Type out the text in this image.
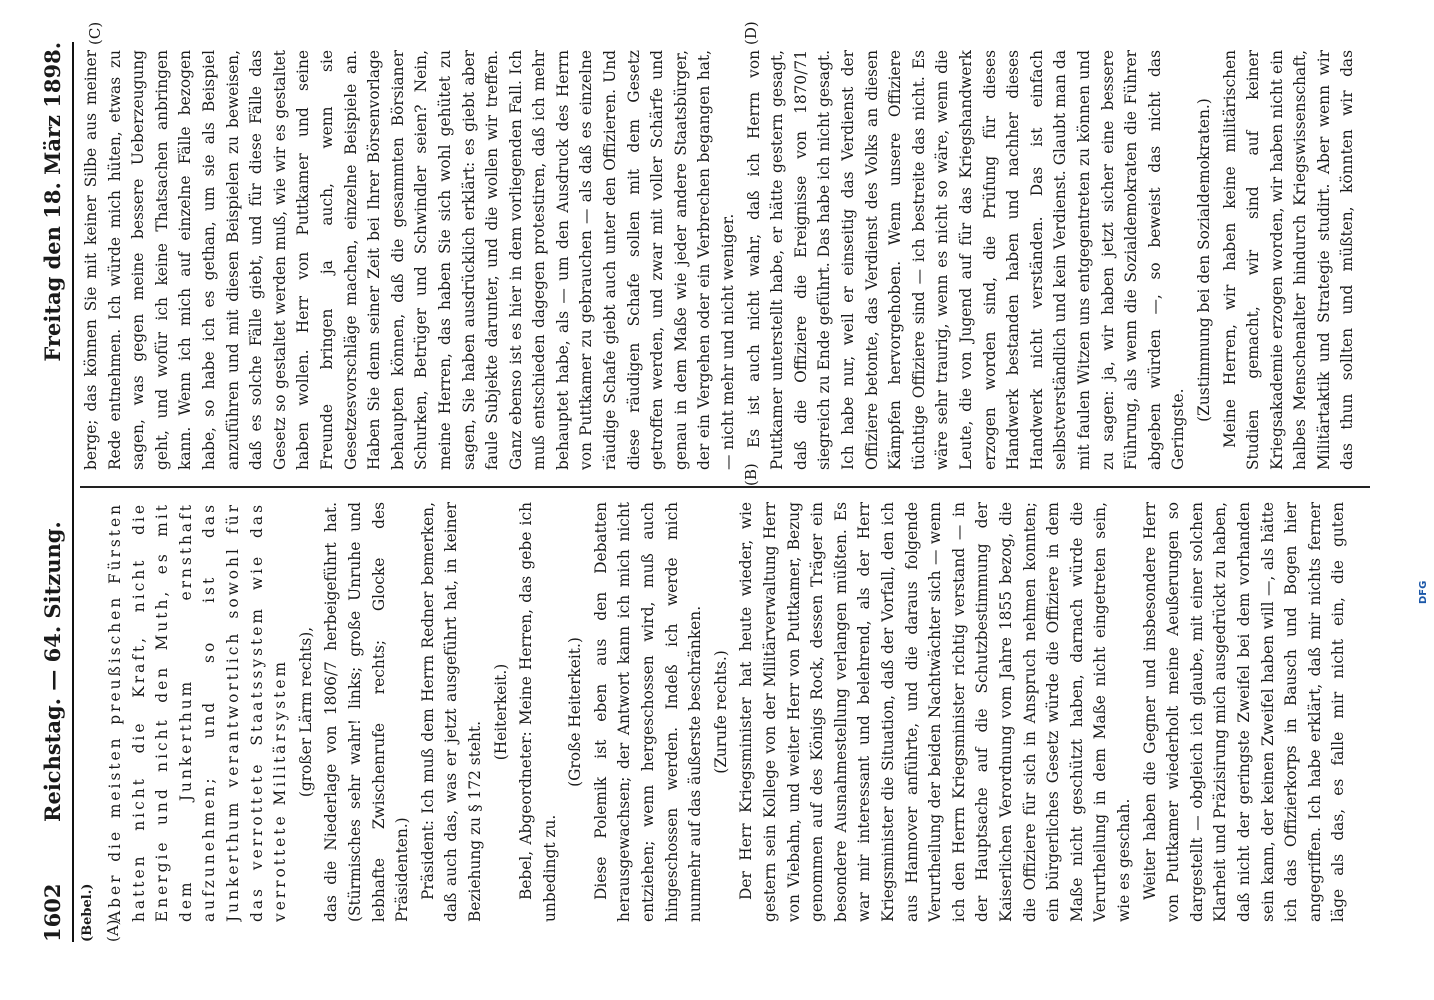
1602
Reichstag. — 64. Sitzung.
Freitag den 18. März 1898.
(Bebel.) (A)
(B)
(C)	(D)

Aber die meisten preußischen Fürsten hatten nicht die Kraft, nicht die Energie und nicht den Muth, es mit dem Junkerthum ernsthaft aufzunehmen; und so ist das Junkerthum verantwortlich sowohl für das verrottete Staatssystem wie das verrottete Militärsystem (großer Lärm rechts), das die Niederlage von 1806/7 herbeigeführt hat. (Stürmisches sehr wahr! links; große Unruhe und lebhafte Zwischenrufe rechts; Glocke des Präsidenten.) Präsident: Ich muß dem Herrn Redner bemerken, daß auch das, was er jetzt ausgeführt hat, in keiner Beziehung zu § 172 steht.

(Heiterkeit.) Bebel, Abgeordneter: Meine Herren, das gebe ich unbedingt zu.

(Große Heiterkeit.) Diese Polemik ist eben aus den Debatten herausgewachsen; der Antwort kann ich mich nicht entziehen; wenn hergeschossen wird, muß auch hingeschossen werden. Indeß ich werde mich nunmehr auf das äußerste beschränken. (Zurufe rechts.) Der Herr Kriegsminister hat heute wieder, wie gestern sein Kollege von der Militärverwaltung Herr von Viebahn, und weiter Herr von Puttkamer, Bezug genommen auf des Königs Rock, dessen Träger ein besondere Ausnahmestellung verlangen müßten. Es war mir interessant und belehrend, als der Herr Kriegsminister die Situation, daß der Vorfall, den ich aus Hannover anführte, und die daraus folgende Verurtheilung der beiden Nachtwächter sich — wenn ich den Herrn Kriegsminister richtig verstand — in der Hauptsache auf die Schutzbestimmung der Kaiserlichen Verordnung vom Jahre 1855 bezog, die die Offiziere für sich in Anspruch nehmen konnten; ein bürgerliches Gesetz würde die Offiziere in dem Maße nicht geschützt haben, darnach würde die Verurtheilung in dem Maße nicht eingetreten sein, wie es geschah. Weiter haben die Gegner und insbesondere Herr von Puttkamer wiederholt meine Aeußerungen so dargestellt — obgleich ich glaube, mit einer solchen Klarheit und Präzisirung mich ausgedrückt zu haben, daß nicht der geringste Zweifel bei dem vorhanden sein kann, der keinen Zweifel haben will —, als hätte ich das Offizierkorps in Bausch und Bogen hier angegriffen. Ich habe erklärt, daß mir nichts ferner läge als das, es falle mir nicht ein, die guten

berge; das können Sie mit keiner Silbe aus meiner Rede entnehmen. Ich würde mich hüten, etwas zu sagen, was gegen meine bessere Ueberzeugung geht, und wofür ich keine Thatsachen anbringen kann. Wenn ich mich auf einzelne Fälle bezogen habe, so habe ich es gethan, um sie als Beispiel anzuführen und mit diesen Beispielen zu beweisen, daß es solche Fälle giebt, und für diese Fälle das Gesetz so gestaltet werden muß, wie wir es gestaltet haben wollen. Herr von Puttkamer und seine Freunde bringen ja auch, wenn sie Gesetzesvorschläge machen, einzelne Beispiele an. Haben Sie denn seiner Zeit bei Ihrer Börsenvorlage behaupten können, daß die gesammten Börsianer Schurken, Betrüger und Schwindler seien? Nein, meine Herren, das haben Sie sich wohl gehütet zu sagen, Sie haben ausdrücklich erklärt: es giebt aber faule Subjekte darunter, und die wollen wir treffen. Ganz ebenso ist es hier in dem vorliegenden Fall. Ich muß entschieden dagegen protestiren, daß ich mehr behauptet habe, als — um den Ausdruck des Herrn von Puttkamer zu gebrauchen — als daß es einzelne räudige Schafe giebt auch unter den Offizieren. Und diese räudigen Schafe sollen mit dem Gesetz getroffen werden, und zwar mit voller Schärfe und genau in dem Maße wie jeder andere Staatsbürger, der ein Vergehen oder ein Verbrechen begangen hat, — nicht mehr und nicht weniger. Es ist auch nicht wahr, daß ich Herrn von Puttkamer unterstellt habe, er hätte gestern gesagt, daß die Offiziere die Ereignisse von 1870/71 siegreich zu Ende geführt. Das habe ich nicht gesagt. Ich habe nur, weil er einseitig das Verdienst der Offiziere betonte, das Verdienst des Volks an diesen Kämpfen hervorgehoben. Wenn unsere Offiziere tüchtige Offiziere sind — ich bestreite das nicht. Es wäre sehr traurig, wenn es nicht so wäre, wenn die Leute, die von Jugend auf für das Kriegshandwerk erzogen worden sind, die Prüfung für dieses Handwerk bestanden haben und nachher dieses Handwerk nicht verständen. Das ist einfach selbstverständlich und kein Verdienst. Glaubt man da mit faulen Witzen uns entgegentreten zu können und zu sagen: ja, wir haben jetzt sicher eine bessere Führung, als wenn die Sozialdemokraten die Führer abgeben würden —, so beweist das nicht das Geringste.

(Zustimmung bei den Sozialdemokraten.)

Meine Herren, wir haben keine militärischen Studien gemacht, wir sind auf keiner Kriegsakademie erzogen worden, wir haben nicht ein halbes Menschenalter hindurch Kriegswissenschaft, Militärtaktik und Strategie studirt. Aber wenn wir das thun sollten und müßten, könnten wir das

DFG
